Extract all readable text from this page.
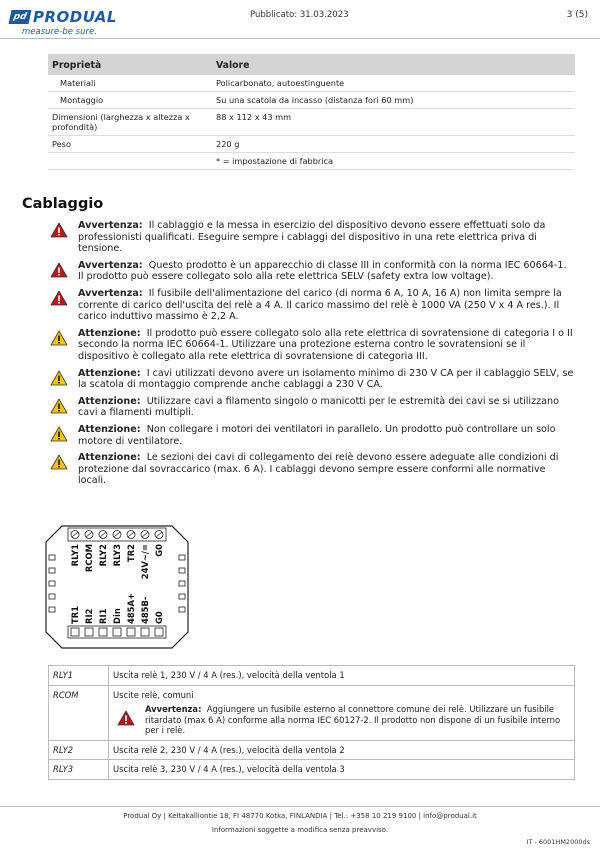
pd PRODUAL
measure-be sure.
Pubblicato: 31.03.2023	3 (5)
Proprietà	Valore
Materiali	Policarbonato, autoestinguente
Montaggio	Su una scatola da incasso (distanza fori 60 mm)
Dimensioni (larghezza x altezza x profondità)	88 x 112 x 43 mm
Peso	220 g
	* = impostazione di fabbrica
Cablaggio
Avvertenza: Il cablaggio e la messa in esercizio del dispositivo devono essere effettuati solo da professionisti qualificati. Eseguire sempre i cablaggi del dispositivo in una rete elettrica priva di tensione.
Avvertenza: Questo prodotto è un apparecchio di classe III in conformità con la norma IEC 60664-1. Il prodotto può essere collegato solo alla rete elettrica SELV (safety extra low voltage).
Avvertenza: Il fusibile dell'alimentazione del carico (di norma 6 A, 10 A, 16 A) non limita sempre la corrente di carico dell'uscita del relè a 4 A. Il carico massimo del relè è 1000 VA (250 V x 4 A res.). Il carico induttivo massimo è 2,2 A.
Attenzione: Il prodotto può essere collegato solo alla rete elettrica di sovratensione di categoria I o II secondo la norma IEC 60664-1. Utilizzare una protezione esterna contro le sovratensioni se il dispositivo è collegato alla rete elettrica di sovratensione di categoria III.
Attenzione: I cavi utilizzati devono avere un isolamento minimo di 230 V CA per il cablaggio SELV, se la scatola di montaggio comprende anche cablaggi a 230 V CA.
Attenzione: Utilizzare cavi a filamento singolo o manicotti per le estremità dei cavi se si utilizzano cavi a filamenti multipli.
Attenzione: Non collegare i motori dei ventilatori in parallelo. Un prodotto può controllare un solo motore di ventilatore.
Attenzione: Le sezioni dei cavi di collegamento dei relè devono essere adeguate alle condizioni di protezione dal sovraccarico (max. 6 A). I cablaggi devono sempre essere conformi alle normative locali.
RLY1 RCOM RLY2 RLY3 TR2 24V~/= G0
TR1 RI2 RI1 Din 485A+ 485B- G0
RLY1	Uscita relè 1, 230 V / 4 A (res.), velocità della ventola 1
RCOM	Uscite relè, comuni
Avvertenza: Aggiungere un fusibile esterno al connettore comune dei relè. Utilizzare un fusibile ritardato (max 6 A) conforme alla norma IEC 60127-2. Il prodotto non dispone di un fusibile interno per i relè.

RLY2	Uscita relè 2, 230 V / 4 A (res.), velocità della ventola 2
RLY3	Uscita relè 3, 230 V / 4 A (res.), velocità della ventola 3
Produal Oy | Keltakalliontie 18, FI 48770 Kotka, FINLANDIA | Tel.: +358 10 219 9100 | info@produal.it
Informazioni soggette a modifica senza preavviso.
IT - 6001HM2000ds
